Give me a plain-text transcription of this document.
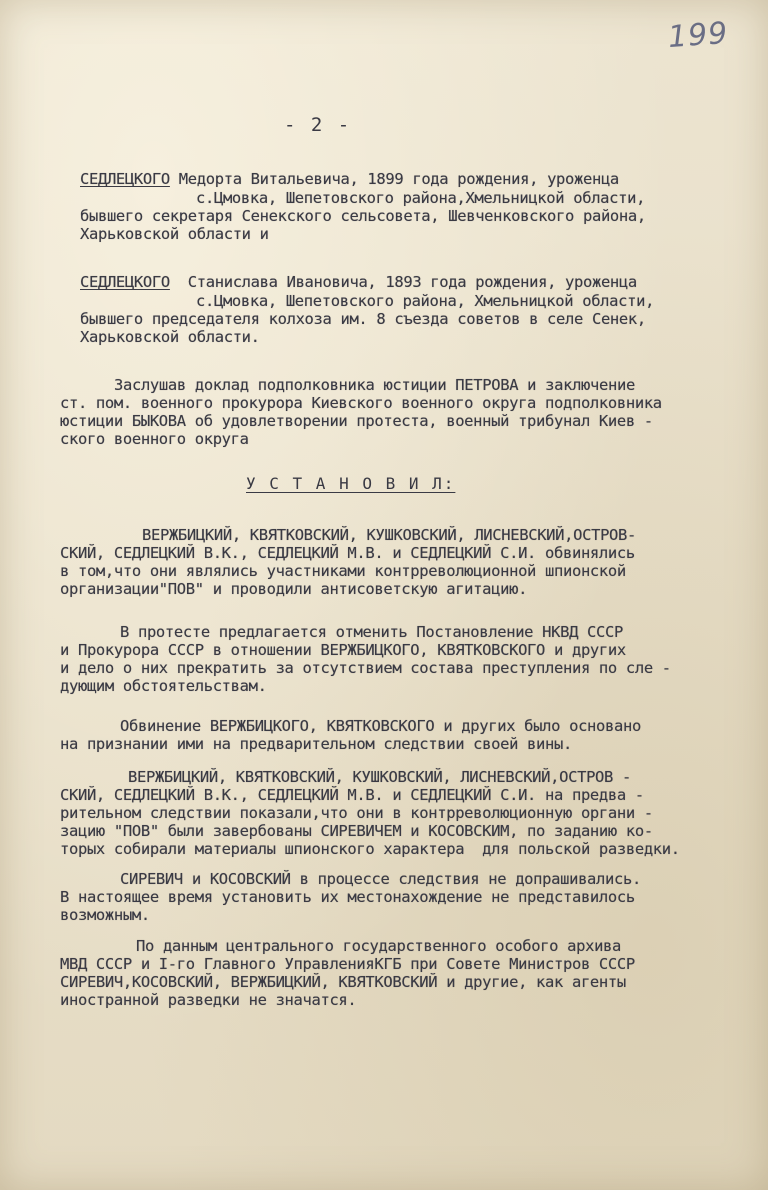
199
- 2 -
СЕДЛЕЦКОГО Медорта Витальевича, 1899 года рождения, уроженца
с.Цмовка, Шепетовского района,Хмельницкой области,
бывшего секретаря Сенекского сельсовета, Шевченковского района,
Харьковской области и
СЕДЛЕЦКОГО  Станислава Ивановича, 1893 года рождения, уроженца
с.Цмовка, Шепетовского района, Хмельницкой области,
бывшего председателя колхоза им. 8 съезда советов в селе Сенек,
Харьковской области.
Заслушав доклад подполковника юстиции ПЕТРОВА и заключение
ст. пом. военного прокурора Киевского военного округа подполковника
юстиции БЫКОВА об удовлетворении протеста, военный трибунал Киев -
ского военного округа
У С Т А Н О В И Л:
ВЕРЖБИЦКИЙ, КВЯТКОВСКИЙ, КУШКОВСКИЙ, ЛИСНЕВСКИЙ,ОСТРОВ-
СКИЙ, СЕДЛЕЦКИЙ В.К., СЕДЛЕЦКИЙ М.В. и СЕДЛЕЦКИЙ С.И. обвинялись
в том,что они являлись участниками контрреволюционной шпионской
организации"ПОВ" и проводили антисоветскую агитацию.
В протесте предлагается отменить Постановление НКВД СССР
и Прокурора СССР в отношении ВЕРЖБИЦКОГО, КВЯТКОВСКОГО и других
и дело о них прекратить за отсутствием состава преступления по сле -
дующим обстоятельствам.
Обвинение ВЕРЖБИЦКОГО, КВЯТКОВСКОГО и других было основано
на признании ими на предварительном следствии своей вины.
ВЕРЖБИЦКИЙ, КВЯТКОВСКИЙ, КУШКОВСКИЙ, ЛИСНЕВСКИЙ,ОСТРОВ -
СКИЙ, СЕДЛЕЦКИЙ В.К., СЕДЛЕЦКИЙ М.В. и СЕДЛЕЦКИЙ С.И. на предва -
рительном следствии показали,что они в контрреволюционную органи -
зацию "ПОВ" были завербованы СИРЕВИЧЕМ и КОСОВСКИМ, по заданию ко-
торых собирали материалы шпионского характера  для польской разведки.
СИРЕВИЧ и КОСОВСКИЙ в процессе следствия не допрашивались.
В настоящее время установить их местонахождение не представилось
возможным.
По данным центрального государственного особого архива
МВД СССР и I-го Главного УправленияКГБ при Совете Министров СССР
СИРЕВИЧ,КОСОВСКИЙ, ВЕРЖБИЦКИЙ, КВЯТКОВСКИЙ и другие, как агенты
иностранной разведки не значатся.
